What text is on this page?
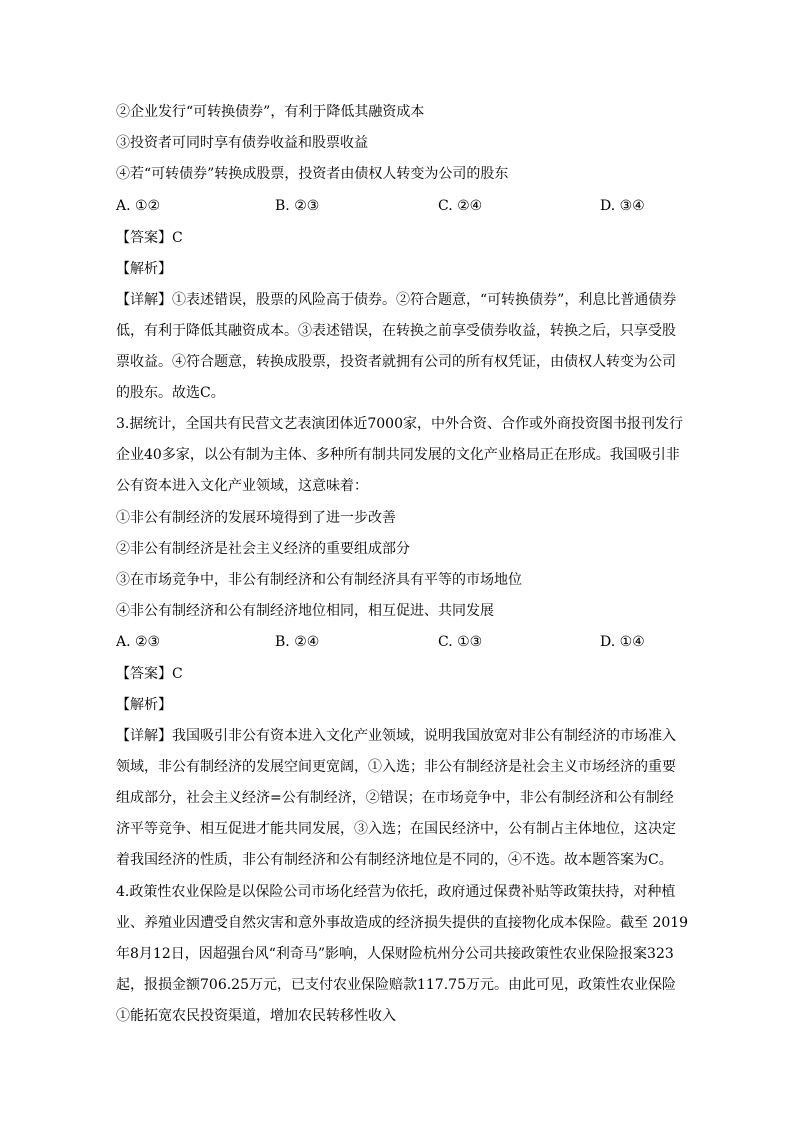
②企业发行“可转换债券”，有利于降低其融资成本
③投资者可同时享有债券收益和股票收益
④若“可转债券”转换成股票，投资者由债权人转变为公司的股东
A. ①②	B. ②③	C. ②④	D. ③④
【答案】C
【解析】
【详解】①表述错误，股票的风险高于债券。②符合题意，“可转换债券”，利息比普通债券
低，有利于降低其融资成本。③表述错误，在转换之前享受债券收益，转换之后，只享受股
票收益。④符合题意，转换成股票，投资者就拥有公司的所有权凭证，由债权人转变为公司
的股东。故选C。
3.据统计，全国共有民营文艺表演团体近7000家，中外合资、合作或外商投资图书报刊发行
企业40多家，以公有制为主体、多种所有制共同发展的文化产业格局正在形成。我国吸引非
公有资本进入文化产业领域，这意味着：
①非公有制经济的发展环境得到了进一步改善
②非公有制经济是社会主义经济的重要组成部分
③在市场竞争中，非公有制经济和公有制经济具有平等的市场地位
④非公有制经济和公有制经济地位相同，相互促进、共同发展
A. ②③	B. ②④	C. ①③	D. ①④
【答案】C
【解析】
【详解】我国吸引非公有资本进入文化产业领域，说明我国放宽对非公有制经济的市场准入
领域，非公有制经济的发展空间更宽阔，①入选；非公有制经济是社会主义市场经济的重要
组成部分，社会主义经济=公有制经济，②错误；在市场竞争中，非公有制经济和公有制经
济平等竞争、相互促进才能共同发展，③入选；在国民经济中，公有制占主体地位，这决定
着我国经济的性质，非公有制经济和公有制经济地位是不同的，④不选。故本题答案为C。
4.政策性农业保险是以保险公司市场化经营为依托，政府通过保费补贴等政策扶持，对种植
业、养殖业因遭受自然灾害和意外事故造成的经济损失提供的直接物化成本保险。截至 2019
年8月12日，因超强台风“利奇马”影响，人保财险杭州分公司共接政策性农业保险报案323
起，报损金额706.25万元，已支付农业保险赔款117.75万元。由此可见，政策性农业保险
①能拓宽农民投资渠道，增加农民转移性收入
